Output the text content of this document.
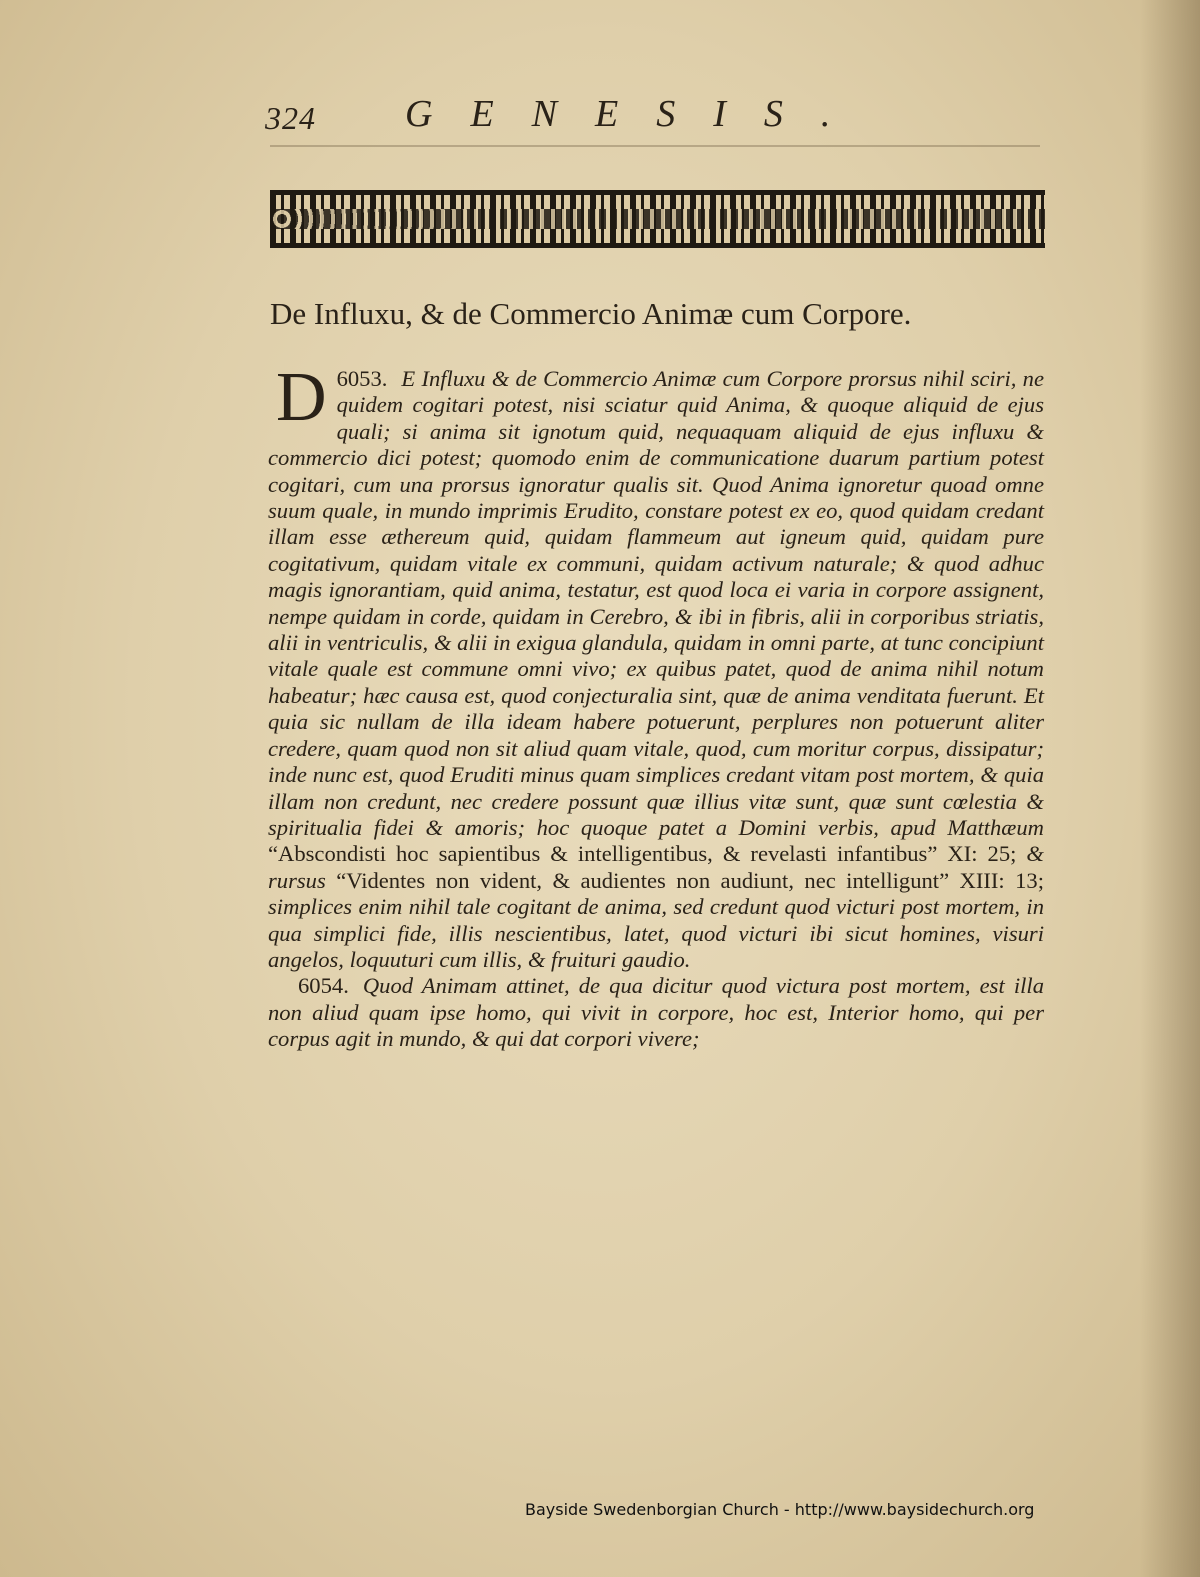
324 GENESIS.
De Influxu, & de Commercio Animæ cum Corpore.

6053.
D	E Influxu & de Commercio Animæ cum Corpore prorsus nihil sciri, ne quidem cogitari potest, nisi sciatur quid Anima, & quoque aliquid de ejus quali; si anima sit ignotum quid, nequaquam aliquid de ejus influxu & commercio dici potest; quomodo enim de communicatione duarum partium potest cogitari, cum una prorsus ignoratur qualis sit. Quod Anima ignoretur quoad omne suum quale, in mundo imprimis Erudito, constare potest ex eo, quod quidam credant illam esse æthereum quid, quidam flammeum aut igneum quid, quidam pure cogitativum, quidam vitale ex communi, quidam activum naturale; & quod adhuc magis ignorantiam, quid anima, testatur, est quod loca ei varia in corpore assignent, nempe quidam in corde, quidam in Cerebro, & ibi in fibris, alii in corporibus striatis, alii in ventriculis, & alii in exigua glandula, quidam in omni parte, at tunc concipiunt vitale quale est commune omni vivo; ex quibus patet, quod de anima nihil notum habeatur; hæc causa est, quod conjecturalia sint, quæ de anima venditata fuerunt. Et quia sic nullam de illa ideam habere potuerunt, perplures non potuerunt aliter credere, quam quod non sit aliud quam vitale, quod, cum moritur corpus, dissipatur; inde nunc est, quod Eruditi minus quam simplices credant vitam post mortem, & quia illam non credunt, nec credere possunt quæ illius vitæ sunt, quæ sunt cœlestia & spiritualia fidei & amoris; hoc quoque patet a Domini verbis, apud Matthæum “Abscondisti hoc sapientibus & intelligentibus, & revelasti infantibus” XI: 25; & rursus “Videntes non vident, & audientes non audiunt, nec intelligunt” XIII: 13; simplices enim nihil tale cogitant de anima, sed credunt quod victuri post mortem, in qua simplici fide, illis nescientibus, latet, quod victuri ibi sicut homines, visuri angelos, loquuturi cum illis, & fruituri gaudio.

6054. Quod Animam attinet, de qua dicitur quod victura post mortem, est illa non aliud quam ipse homo, qui vivit in corpore, hoc est, Interior homo, qui per corpus agit in mundo, & qui dat corpori vivere;

Bayside Swedenborgian Church - http://www.baysidechurch.org
